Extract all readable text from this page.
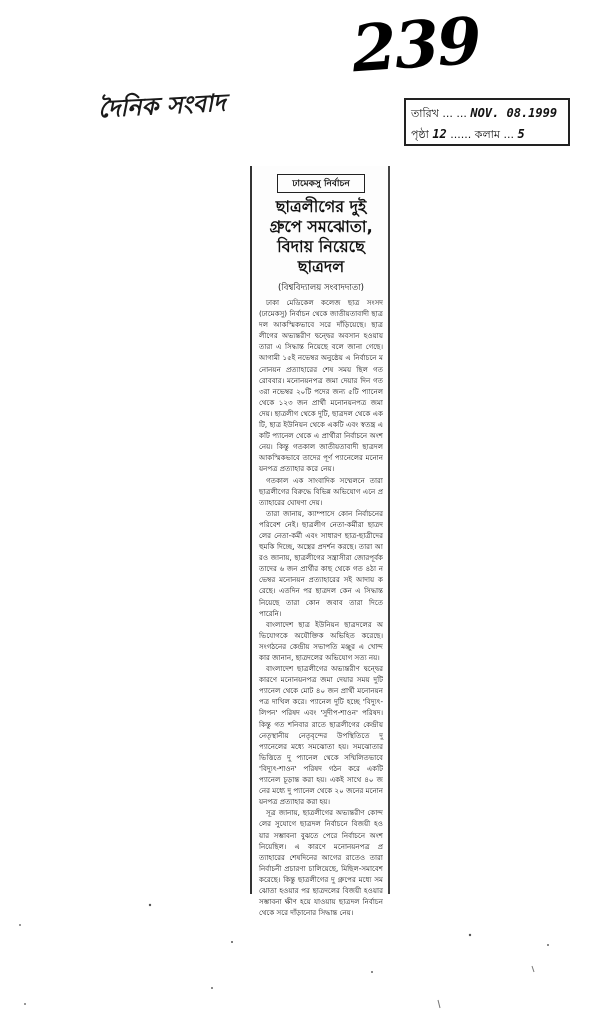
239
দৈনিক সংবাদ	তারিখ ... ... NOV. 08.1999
পৃষ্ঠা 12 ...... কলাম ... 5
ঢামেকসু নির্বাচন
ছাত্রলীগের দুই গ্রুপে সমঝোতা, বিদায় নিয়েছে ছাত্রদল
(বিশ্ববিদ্যালয় সংবাদদাতা)

ঢাকা মেডিকেল কলেজ ছাত্র সংসদ (ঢামেকসু) নির্বাচন থেকে জাতীয়তাবাদী ছাত্রদল আকস্মিকভাবে সরে দাঁড়িয়েছে। ছাত্রলীগের অভ্যন্তরীণ দ্বন্দ্বের অবসান হওয়ায় তারা এ সিদ্ধান্ত নিয়েছে বলে জানা গেছে। আগামী ১৫ই নভেম্বর অনুষ্ঠেয় এ নির্বাচনে মনোনয়ন প্রত্যাহারের শেষ সময় ছিল গত রোববার। মনোনয়নপত্র জমা দেয়ার দিন গত ৩রা নভেম্বর ২০টি পদের জন্য ৫টি প্যানেল থেকে ১২৩ জন প্রার্থী মনোনয়নপত্র জমা দেয়। ছাত্রলীগ থেকে দুটি, ছাত্রদল থেকে একটি, ছাত্র ইউনিয়ন থেকে একটি এবং স্বতন্ত্র একটি প্যানেল থেকে এ প্রার্থীরা নির্বাচনে অংশ নেয়। কিন্তু গতকাল জাতীয়তাবাদী ছাত্রদল আকস্মিকভাবে তাদের পূর্ণ প্যানেলের মনোনয়নপত্র প্রত্যাহার করে নেয়।

গতকাল এক সাংবাদিক সম্মেলনে তারা ছাত্রলীগের বিরুদ্ধে বিভিন্ন অভিযোগ এনে প্রত্যাহারের ঘোষণা দেয়।

তারা জানায়, ক্যাম্পাসে কোন নির্বাচনের পরিবেশ নেই। ছাত্রলীগ নেতা-কর্মীরা ছাত্রদলের নেতা-কর্মী এবং সাধারণ ছাত্র-ছাত্রীদের হুমকি দিচ্ছে, অস্ত্রের প্রদর্শন করছে। তারা আরও জানায়, ছাত্রলীগের সন্ত্রাসীরা জোরপূর্বক তাদের ৬ জন প্রার্থীর কাছ থেকে গত ৪ঠা নভেম্বর মনোনয়ন প্রত্যাহারের সই আদায় করেছে। এতদিন পর ছাত্রদল কেন এ সিদ্ধান্ত নিয়েছে তারা কোন জবাব তারা দিতে পারেনি।

বাংলাদেশ ছাত্র ইউনিয়ন ছাত্রদলের অভিযোগকে অযৌক্তিক অভিহিত করেছে। সংগঠনের কেন্দ্রীয় সভাপতি মঞ্জুর এ খোন্দকার জানান, ছাত্রদলের অভিযোগ সত্য নয়।

বাংলাদেশ ছাত্রলীগের অভ্যন্তরীণ দ্বন্দ্বের কারণে মনোনয়নপত্র জমা দেয়ার সময় দুটি প্যানেল থেকে মোট ৪০ জন প্রার্থী মনোনয়নপত্র দাখিল করে। প্যানেল দুটি হচ্ছে 'বিদ্যুৎ-লিপন' পরিষদ এবং 'সুদীপ-শাওন' পরিষদ। কিন্তু গত শনিবার রাতে ছাত্রলীগের কেন্দ্রীয় নেতৃস্থানীয় নেতৃবৃন্দের উপস্থিতিতে দু প্যানেলের মধ্যে সমঝোতা হয়। সমঝোতার ভিত্তিতে দু প্যানেল থেকে সম্মিলিতভাবে 'বিদ্যুৎ-শাওন' পরিষদ গঠন করে একটি প্যানেল চূড়ান্ত করা হয়। একই সাথে ৪০ জনের মধ্যে দু প্যানেল থেকে ২০ জনের মনোনয়নপত্র প্রত্যাহার করা হয়।

সূত্র জানায়, ছাত্রলীগের অভ্যন্তরীণ কোন্দলের সুযোগে ছাত্রদল নির্বাচনে বিজয়ী হওয়ার সম্ভাবনা বুঝতে পেরে নির্বাচনে অংশ নিয়েছিল। এ কারণে মনোনয়নপত্র প্রত্যাহারের শেষদিনের আগের রাতেও তারা নির্বাচনী প্রচারণা চালিয়েছে, মিছিল-সমাবেশ করেছে। কিন্তু ছাত্রলীগের দু গ্রুপের মধ্যে সমঝোতা হওয়ার পর ছাত্রদলের বিজয়ী হওয়ার সম্ভাবনা ক্ষীণ হয়ে যাওয়ায় ছাত্রদল নির্বাচন থেকে সরে দাঁড়ানোর সিদ্ধান্ত নেয়।
